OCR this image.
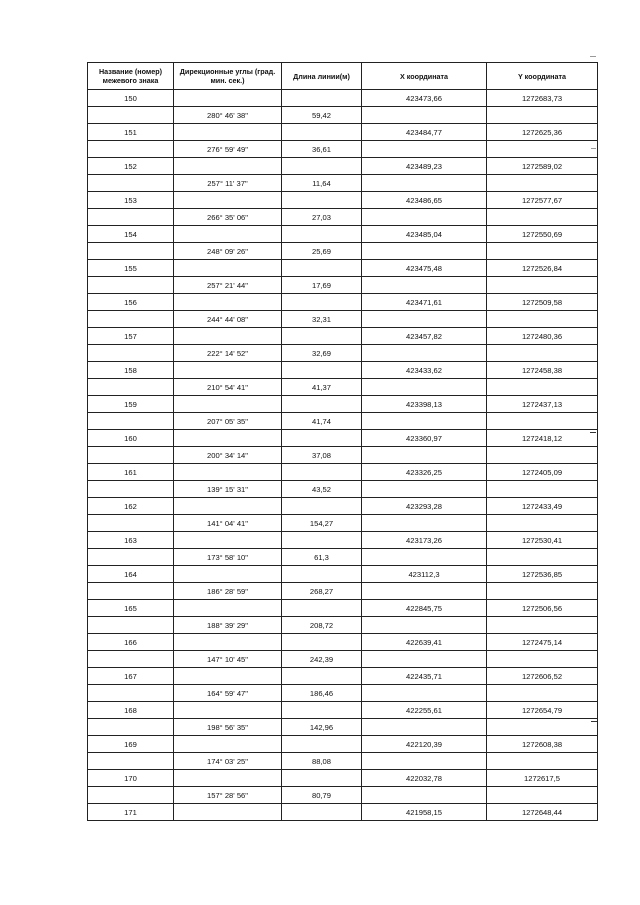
Название (номер) межевого знака	Дирекционные углы (град. мин. сек.)	Длина линии(м)	X координата	Y координата
150			423473,66	1272683,73
	280° 46' 38"	59,42		
151			423484,77	1272625,36
	276° 59' 49"	36,61		
152			423489,23	1272589,02
	257° 11' 37"	11,64		
153			423486,65	1272577,67
	266° 35' 06"	27,03		
154			423485,04	1272550,69
	248° 09' 26"	25,69		
155			423475,48	1272526,84
	257° 21' 44"	17,69		
156			423471,61	1272509,58
	244° 44' 08"	32,31		
157			423457,82	1272480,36
	222° 14' 52"	32,69		
158			423433,62	1272458,38
	210° 54' 41"	41,37		
159			423398,13	1272437,13
	207° 05' 35"	41,74		
160			423360,97	1272418,12
	200° 34' 14"	37,08		
161			423326,25	1272405,09
	139° 15' 31"	43,52		
162			423293,28	1272433,49
	141° 04' 41"	154,27		
163			423173,26	1272530,41
	173° 58' 10"	61,3		
164			423112,3	1272536,85
	186° 28' 59"	268,27		
165			422845,75	1272506,56
	188° 39' 29"	208,72		
166			422639,41	1272475,14
	147° 10' 45"	242,39		
167			422435,71	1272606,52
	164° 59' 47"	186,46		
168			422255,61	1272654,79
	198° 56' 35"	142,96		
169			422120,39	1272608,38
	174° 03' 25"	88,08		
170			422032,78	1272617,5
	157° 28' 56"	80,79		
171			421958,15	1272648,44
